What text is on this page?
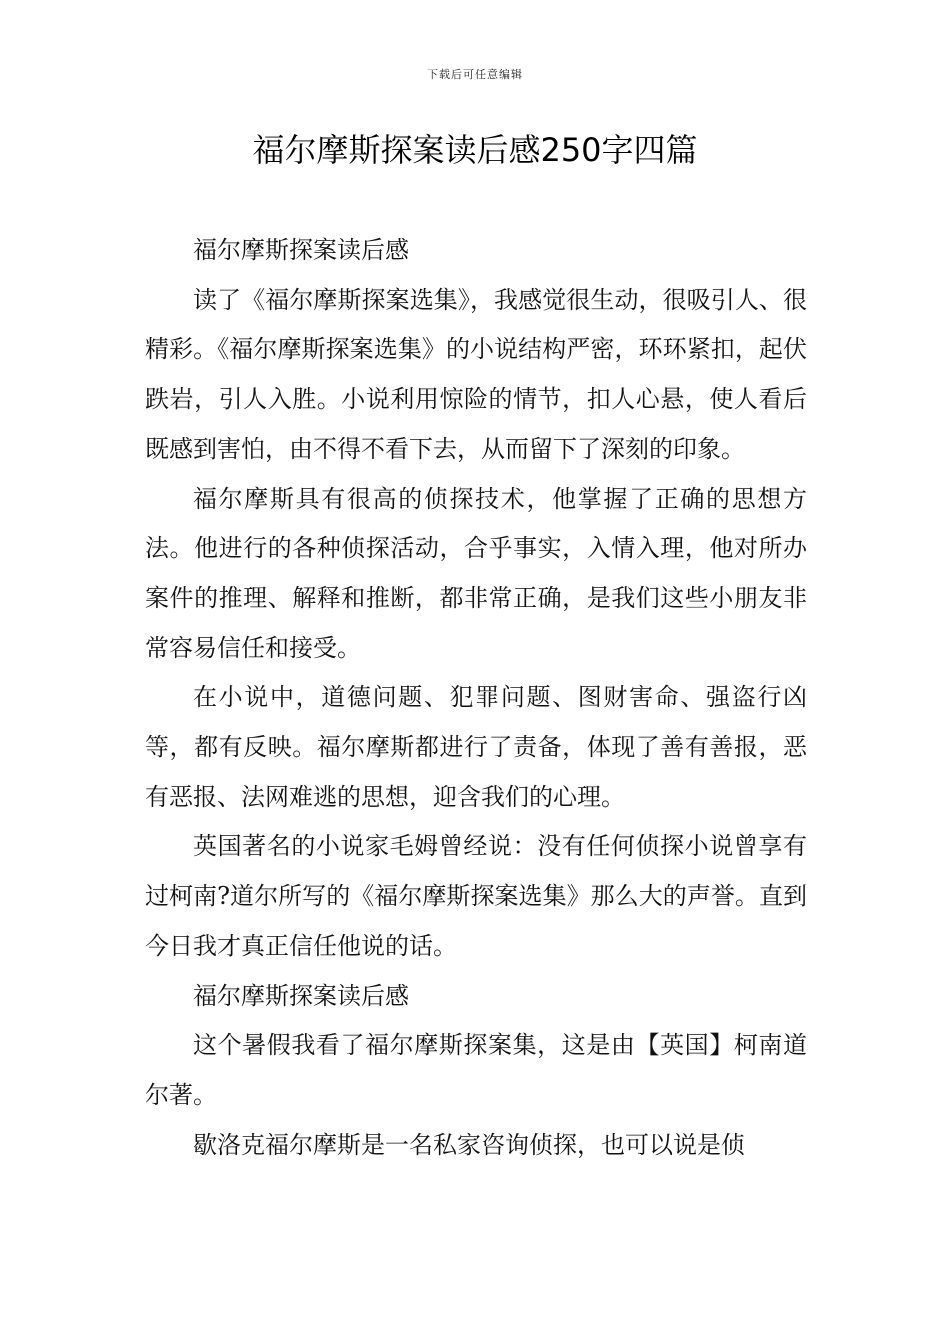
下载后可任意编辑
福尔摩斯探案读后感250字四篇

福尔摩斯探案读后感

读了《福尔摩斯探案选集》，我感觉很生动，很吸引人、很精彩。《福尔摩斯探案选集》的小说结构严密，环环紧扣，起伏跌岩，引人入胜。小说利用惊险的情节，扣人心悬，使人看后既感到害怕，由不得不看下去，从而留下了深刻的印象。

福尔摩斯具有很高的侦探技术，他掌握了正确的思想方法。他进行的各种侦探活动，合乎事实，入情入理，他对所办案件的推理、解释和推断，都非常正确，是我们这些小朋友非常容易信任和接受。

在小说中，道德问题、犯罪问题、图财害命、强盗行凶等，都有反映。福尔摩斯都进行了责备，体现了善有善报，恶有恶报、法网难逃的思想，迎含我们的心理。

英国著名的小说家毛姆曾经说：没有任何侦探小说曾享有过柯南?道尔所写的《福尔摩斯探案选集》那么大的声誉。直到今日我才真正信任他说的话。

福尔摩斯探案读后感

这个暑假我看了福尔摩斯探案集，这是由【英国】柯南道尔著。

歇洛克福尔摩斯是一名私家咨询侦探，也可以说是侦
